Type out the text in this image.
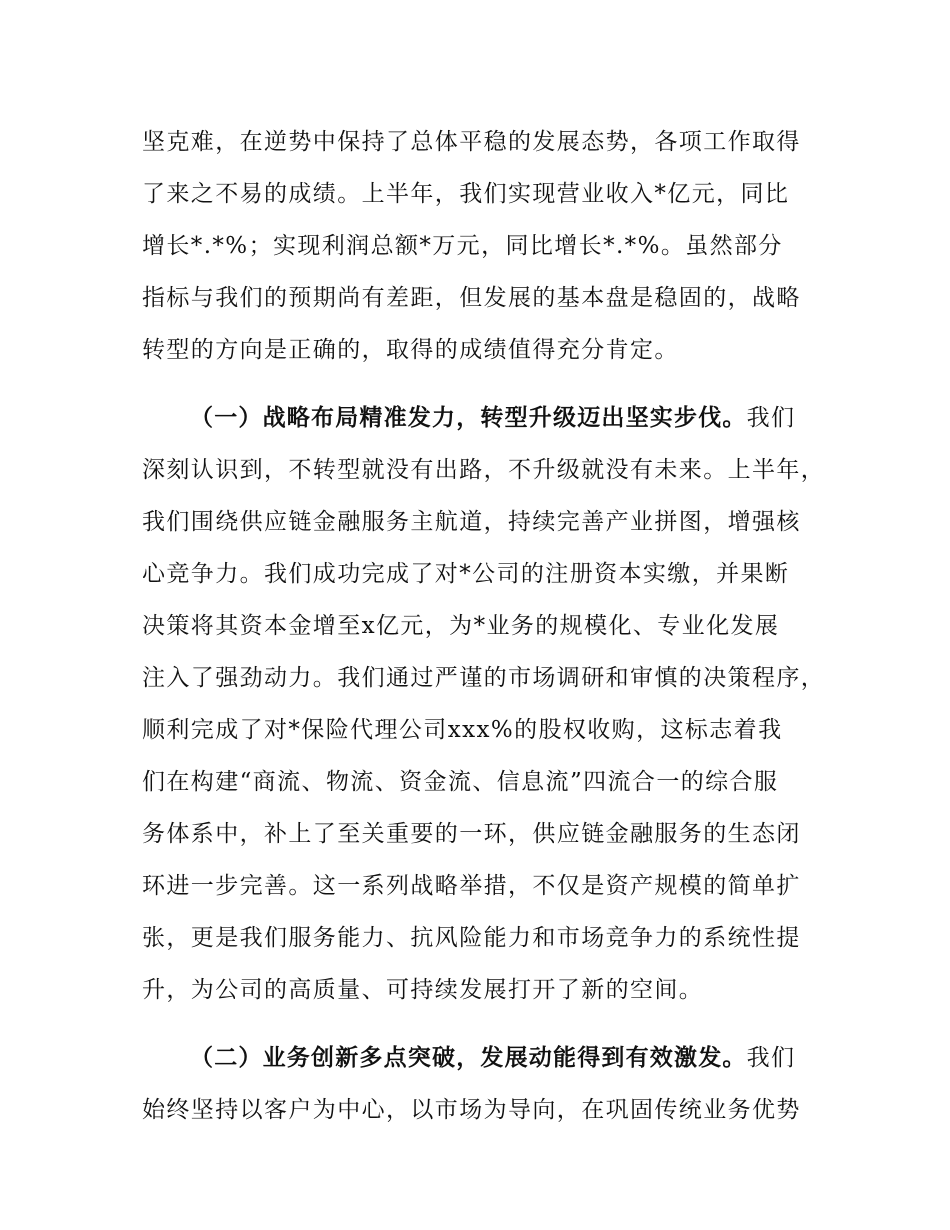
坚克难，在逆势中保持了总体平稳的发展态势，各项工作取得
了来之不易的成绩。上半年，我们实现营业收入*亿元，同比
增长*.*%；实现利润总额*万元，同比增长*.*%。虽然部分
指标与我们的预期尚有差距，但发展的基本盘是稳固的，战略
转型的方向是正确的，取得的成绩值得充分肯定。
（一）战略布局精准发力，转型升级迈出坚实步伐。我们
深刻认识到，不转型就没有出路，不升级就没有未来。上半年，
我们围绕供应链金融服务主航道，持续完善产业拼图，增强核
心竞争力。我们成功完成了对*公司的注册资本实缴，并果断
决策将其资本金增至x亿元，为*业务的规模化、专业化发展
注入了强劲动力。我们通过严谨的市场调研和审慎的决策程序，
顺利完成了对*保险代理公司xxx%的股权收购，这标志着我
们在构建“商流、物流、资金流、信息流”四流合一的综合服
务体系中，补上了至关重要的一环，供应链金融服务的生态闭
环进一步完善。这一系列战略举措，不仅是资产规模的简单扩
张，更是我们服务能力、抗风险能力和市场竞争力的系统性提
升，为公司的高质量、可持续发展打开了新的空间。
（二）业务创新多点突破，发展动能得到有效激发。我们
始终坚持以客户为中心，以市场为导向，在巩固传统业务优势
